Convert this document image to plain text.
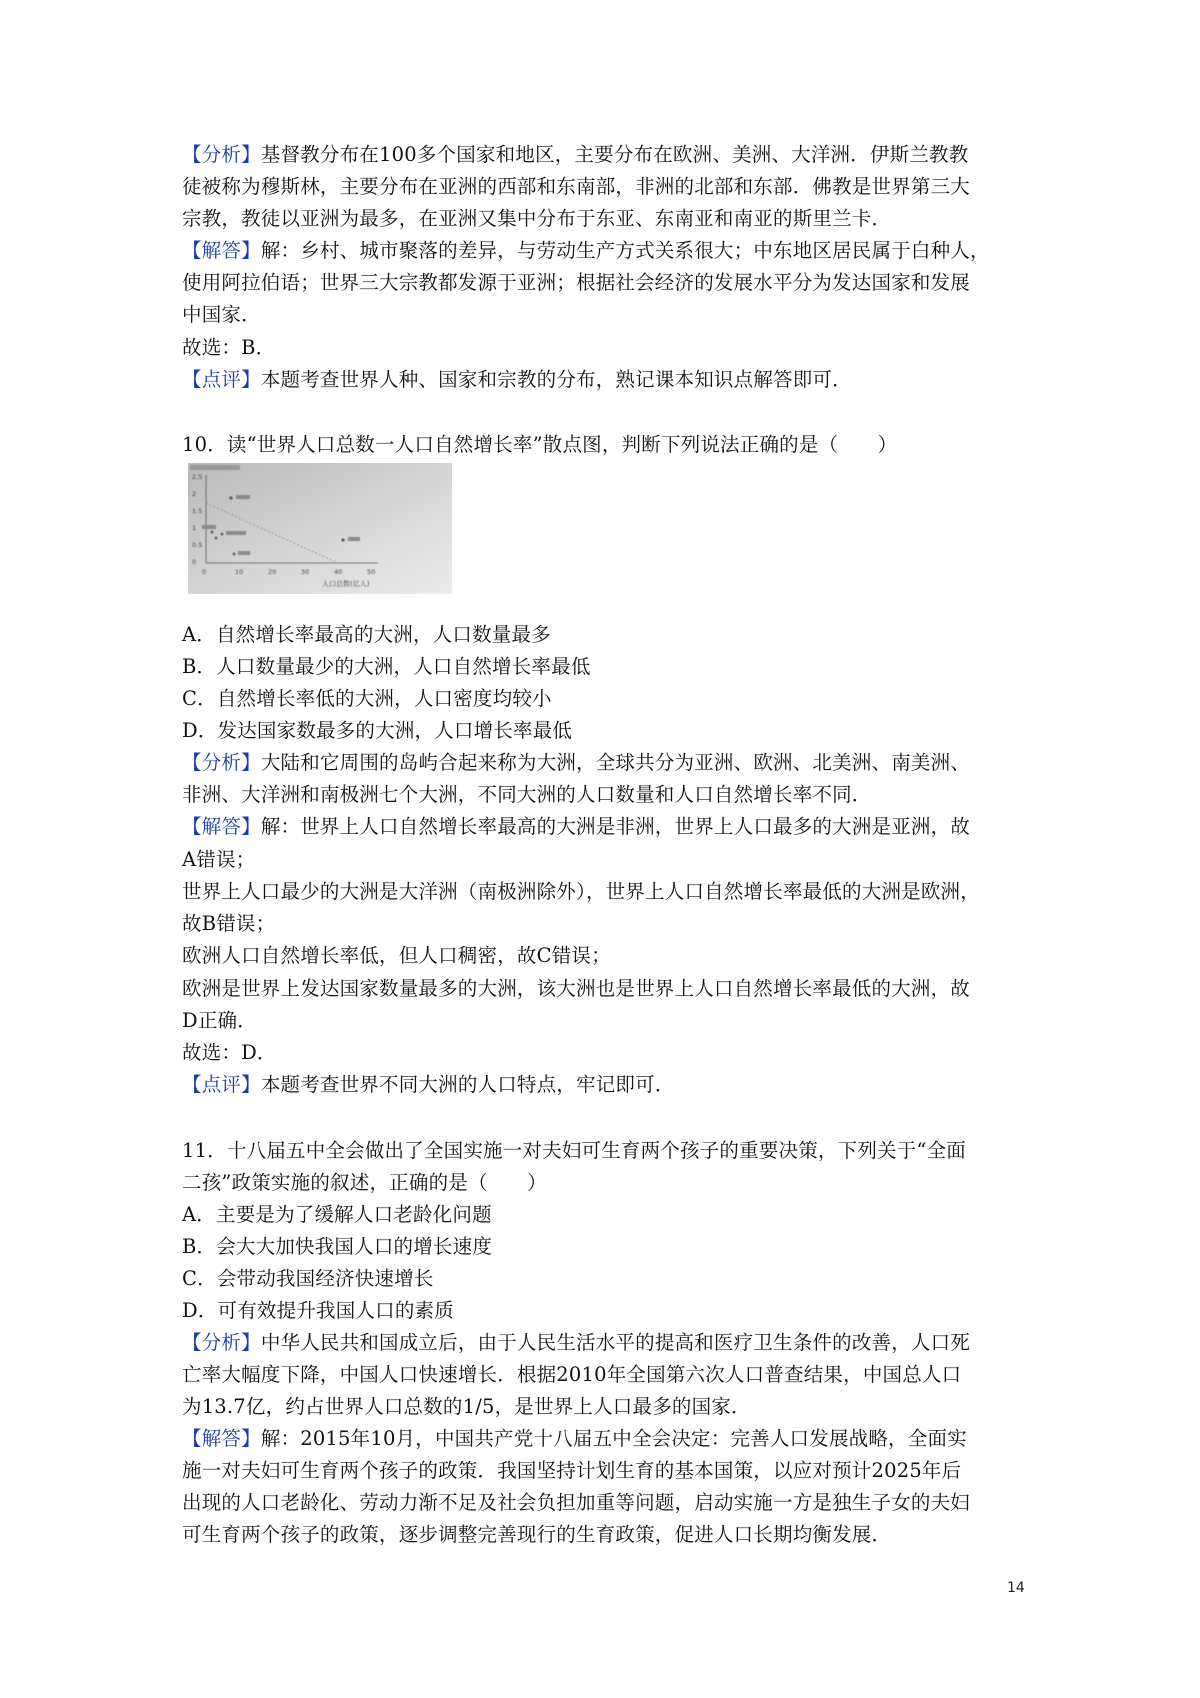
【分析】基督教分布在100多个国家和地区，主要分布在欧洲、美洲、大洋洲．伊斯兰教教
徒被称为穆斯林，主要分布在亚洲的西部和东南部，非洲的北部和东部．佛教是世界第三大
宗教，教徒以亚洲为最多，在亚洲又集中分布于东亚、东南亚和南亚的斯里兰卡．
【解答】解：乡村、城市聚落的差异，与劳动生产方式关系很大；中东地区居民属于白种人，
使用阿拉伯语；世界三大宗教都发源于亚洲；根据社会经济的发展水平分为发达国家和发展
中国家．
故选：B．
【点评】本题考查世界人种、国家和宗教的分布，熟记课本知识点解答即可．
10．读“世界人口总数一人口自然增长率”散点图，判断下列说法正确的是（　　）
A．自然增长率最高的大洲，人口数量最多
B．人口数量最少的大洲，人口自然增长率最低
C．自然增长率低的大洲，人口密度均较小
D．发达国家数最多的大洲，人口增长率最低
【分析】大陆和它周围的岛屿合起来称为大洲，全球共分为亚洲、欧洲、北美洲、南美洲、
非洲、大洋洲和南极洲七个大洲，不同大洲的人口数量和人口自然增长率不同．
【解答】解：世界上人口自然增长率最高的大洲是非洲，世界上人口最多的大洲是亚洲，故
A错误；
世界上人口最少的大洲是大洋洲（南极洲除外），世界上人口自然增长率最低的大洲是欧洲，
故B错误；
欧洲人口自然增长率低，但人口稠密，故C错误；
欧洲是世界上发达国家数量最多的大洲，该大洲也是世界上人口自然增长率最低的大洲，故
D正确．
故选：D．
【点评】本题考查世界不同大洲的人口特点，牢记即可．
11．十八届五中全会做出了全国实施一对夫妇可生育两个孩子的重要决策，下列关于“全面
二孩”政策实施的叙述，正确的是（　　）
A．主要是为了缓解人口老龄化问题
B．会大大加快我国人口的增长速度
C．会带动我国经济快速增长
D．可有效提升我国人口的素质
【分析】中华人民共和国成立后，由于人民生活水平的提高和医疗卫生条件的改善，人口死
亡率大幅度下降，中国人口快速增长．根据2010年全国第六次人口普查结果，中国总人口
为13.7亿，约占世界人口总数的1/5，是世界上人口最多的国家．
【解答】解：2015年10月，中国共产党十八届五中全会决定：完善人口发展战略，全面实
施一对夫妇可生育两个孩子的政策．我国坚持计划生育的基本国策，以应对预计2025年后
出现的人口老龄化、劳动力渐不足及社会负担加重等问题，启动实施一方是独生子女的夫妇
可生育两个孩子的政策，逐步调整完善现行的生育政策，促进人口长期均衡发展．
2.5
2
1.5
1
0.5
0
0	10	20	30	40	50
人口总数(亿人)
14
